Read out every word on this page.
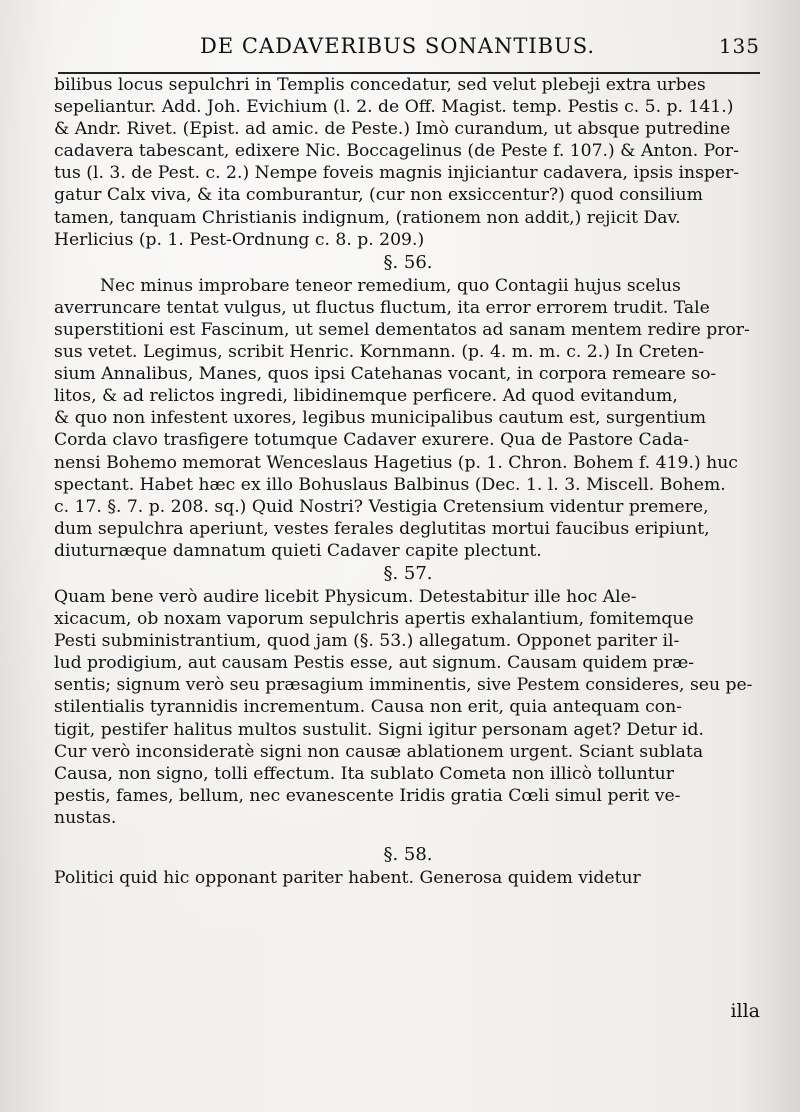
DE CADAVERIBUS SONANTIBUS.	135
bilibus locus sepulchri in Templis concedatur, sed velut plebeji extra urbes
sepeliantur. Add. Joh. Evichium (l. 2. de Off. Magist. temp. Pestis c. 5. p. 141.)
& Andr. Rivet. (Epist. ad amic. de Peste.) Imò curandum, ut absque putredine
cadavera tabescant, edixere Nic. Boccagelinus (de Peste f. 107.) & Anton. Por-
tus (l. 3. de Pest. c. 2.) Nempe foveis magnis injiciantur cadavera, ipsis insper-
gatur Calx viva, & ita comburantur, (cur non exsiccentur?) quod consilium
tamen, tanquam Christianis indignum, (rationem non addit,) rejicit Dav.
Herlicius (p. 1. Pest-Ordnung c. 8. p. 209.)
§. 56.
Nec minus improbare teneor remedium, quo Contagii hujus scelus
averruncare tentat vulgus, ut fluctus fluctum, ita error errorem trudit. Tale
superstitioni est Fascinum, ut semel dementatos ad sanam mentem redire pror-
sus vetet. Legimus, scribit Henric. Kornmann. (p. 4. m. m. c. 2.) In Creten-
sium Annalibus, Manes, quos ipsi Catehanas vocant, in corpora remeare so-
litos, & ad relictos ingredi, libidinemque perficere. Ad quod evitandum,
& quo non infestent uxores, legibus municipalibus cautum est, surgentium
Corda clavo trasfigere totumque Cadaver exurere. Qua de Pastore Cada-
nensi Bohemo memorat Wenceslaus Hagetius (p. 1. Chron. Bohem f. 419.) huc
spectant. Habet hæc ex illo Bohuslaus Balbinus (Dec. 1. l. 3. Miscell. Bohem.
c. 17. §. 7. p. 208. sq.) Quid Nostri? Vestigia Cretensium videntur premere,
dum sepulchra aperiunt, vestes ferales deglutitas mortui faucibus eripiunt,
diuturnæque damnatum quieti Cadaver capite plectunt.
§. 57.
Quam bene verò audire licebit Physicum. Detestabitur ille hoc Ale-
xicacum, ob noxam vaporum sepulchris apertis exhalantium, fomitemque
Pesti subministrantium, quod jam (§. 53.) allegatum. Opponet pariter il-
lud prodigium, aut causam Pestis esse, aut signum. Causam quidem præ-
sentis; signum verò seu præsagium imminentis, sive Pestem consideres, seu pe-
stilentialis tyrannidis incrementum. Causa non erit, quia antequam con-
tigit, pestifer halitus multos sustulit. Signi igitur personam aget? Detur id.
Cur verò inconsideratè signi non causæ ablationem urgent. Sciant sublata
Causa, non signo, tolli effectum. Ita sublato Cometa non illicò tolluntur
pestis, fames, bellum, nec evanescente Iridis gratia Cœli simul perit ve-
nustas.
§. 58.
Politici quid hic opponant pariter habent. Generosa quidem videtur
illa
